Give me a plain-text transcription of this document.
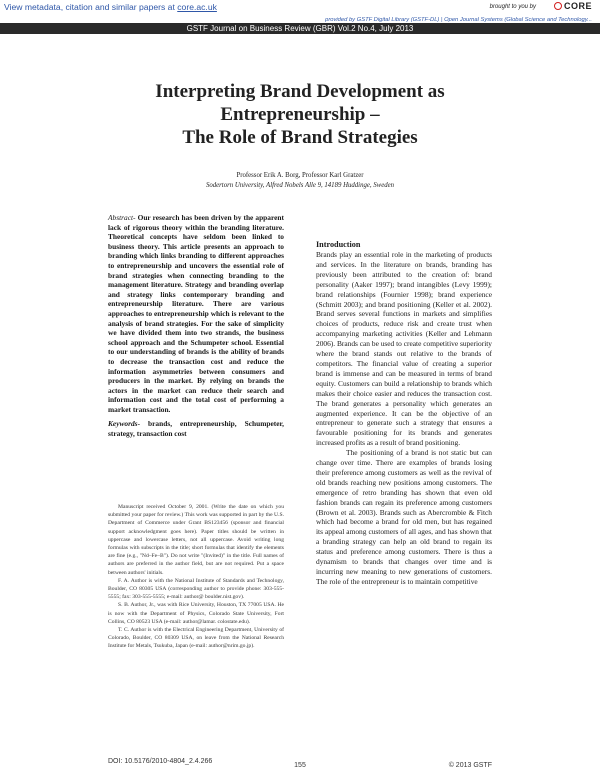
View metadata, citation and similar papers at core.ac.uk	brought to you by	CORE
provided by GSTF Digital Library (GSTF-DL) | Open Journal Systems (Global Science and Technology...
GSTF Journal on Business Review (GBR) Vol.2 No.4, July 2013
Interpreting Brand Development as
Entrepreneurship –
The Role of Brand Strategies
Professor Erik A. Borg, Professor Karl Gratzer
Sodertorn University, Alfred Nobels Alle 9, 14189 Huddinge, Sweden

Abstract- Our research has been driven by the apparent lack of rigorous theory within the branding literature. Theoretical concepts have seldom been linked to business theory. This article presents an approach to branding which links branding to different approaches to entrepreneurship and uncovers the essential role of brand strategies when connecting branding to the management literature. Strategy and branding overlap and strategy links contemporary branding and entrepreneurship literature. There are various approaches to entrepreneurship which is relevant to the analysis of brand strategies. For the sake of simplicity we have divided them into two strands, the business school approach and the Schumpeter school. Essential to our understanding of brands is the ability of brands to decrease the transaction cost and reduce the information asymmetries between consumers and producers in the market. By relying on brands the actors in the market can reduce their search and information cost and the total cost of performing a market transaction.

Keywords- brands, entrepreneurship, Schumpeter, strategy, transaction cost

Manuscript received October 9, 2001. (Write the date on which you submitted your paper for review.) This work was supported in part by the U.S. Department of Commerce under Grant BS123456 (sponsor and financial support acknowledgment goes here). Paper titles should be written in uppercase and lowercase letters, not all uppercase. Avoid writing long formulas with subscripts in the title; short formulas that identify the elements are fine (e.g., "Nd–Fe–B"). Do not write "(Invited)" in the title. Full names of authors are preferred in the author field, but are not required. Put a space between authors' initials.

F. A. Author is with the National Institute of Standards and Technology, Boulder, CO 80305 USA (corresponding author to provide phone: 303-555-5555; fax: 303-555-5555; e-mail: author@ boulder.nist.gov).

S. B. Author, Jr., was with Rice University, Houston, TX 77005 USA. He is now with the Department of Physics, Colorado State University, Fort Collins, CO 80523 USA (e-mail: author@lamar. colostate.edu).

T. C. Author is with the Electrical Engineering Department, University of Colorado, Boulder, CO 80309 USA, on leave from the National Research Institute for Metals, Tsukuba, Japan (e-mail: author@nrim.go.jp).

Introduction

Brands play an essential role in the marketing of products and services. In the literature on brands, branding has previously been attributed to the creation of: brand personality (Aaker 1997); brand intangibles (Levy 1999); brand relationships (Fournier 1998); brand experience (Schmitt 2003); and brand positioning (Keller et al. 2002). Brand serves several functions in markets and simplifies choices of products, reduce risk and create trust when accompanying marketing activities (Keller and Lehmann 2006). Brands can be used to create competitive superiority where the brand stands out relative to the brands of competitors. The financial value of creating a superior brand is immense and can be measured in terms of brand equity. Customers can build a relationship to brands which makes their choice easier and reduces the transaction cost. The brand generates a personality which generates an augmented experience. It can be the objective of an entrepreneur to generate such a strategy that ensures a favourable positioning for its brands and generates increased profits as a result of brand positioning.

The positioning of a brand is not static but can change over time. There are examples of brands losing their preference among customers as well as the revival of old brands reaching new positions among customers. The emergence of retro branding has shown that even old fashion brands can regain its preference among customers (Brown et al. 2003). Brands such as Abercrombie & Fitch which had become a brand for old men, but has regained its appeal among customers of all ages, and has shown that a branding strategy can help an old brand to regain its status and preference among customers. There is thus a dynamism to brands that changes over time and is incurring new meaning to new generations of customers. The role of the entrepreneur is to maintain competitive

DOI: 10.5176/2010-4804_2.4.266
155	© 2013 GSTF
